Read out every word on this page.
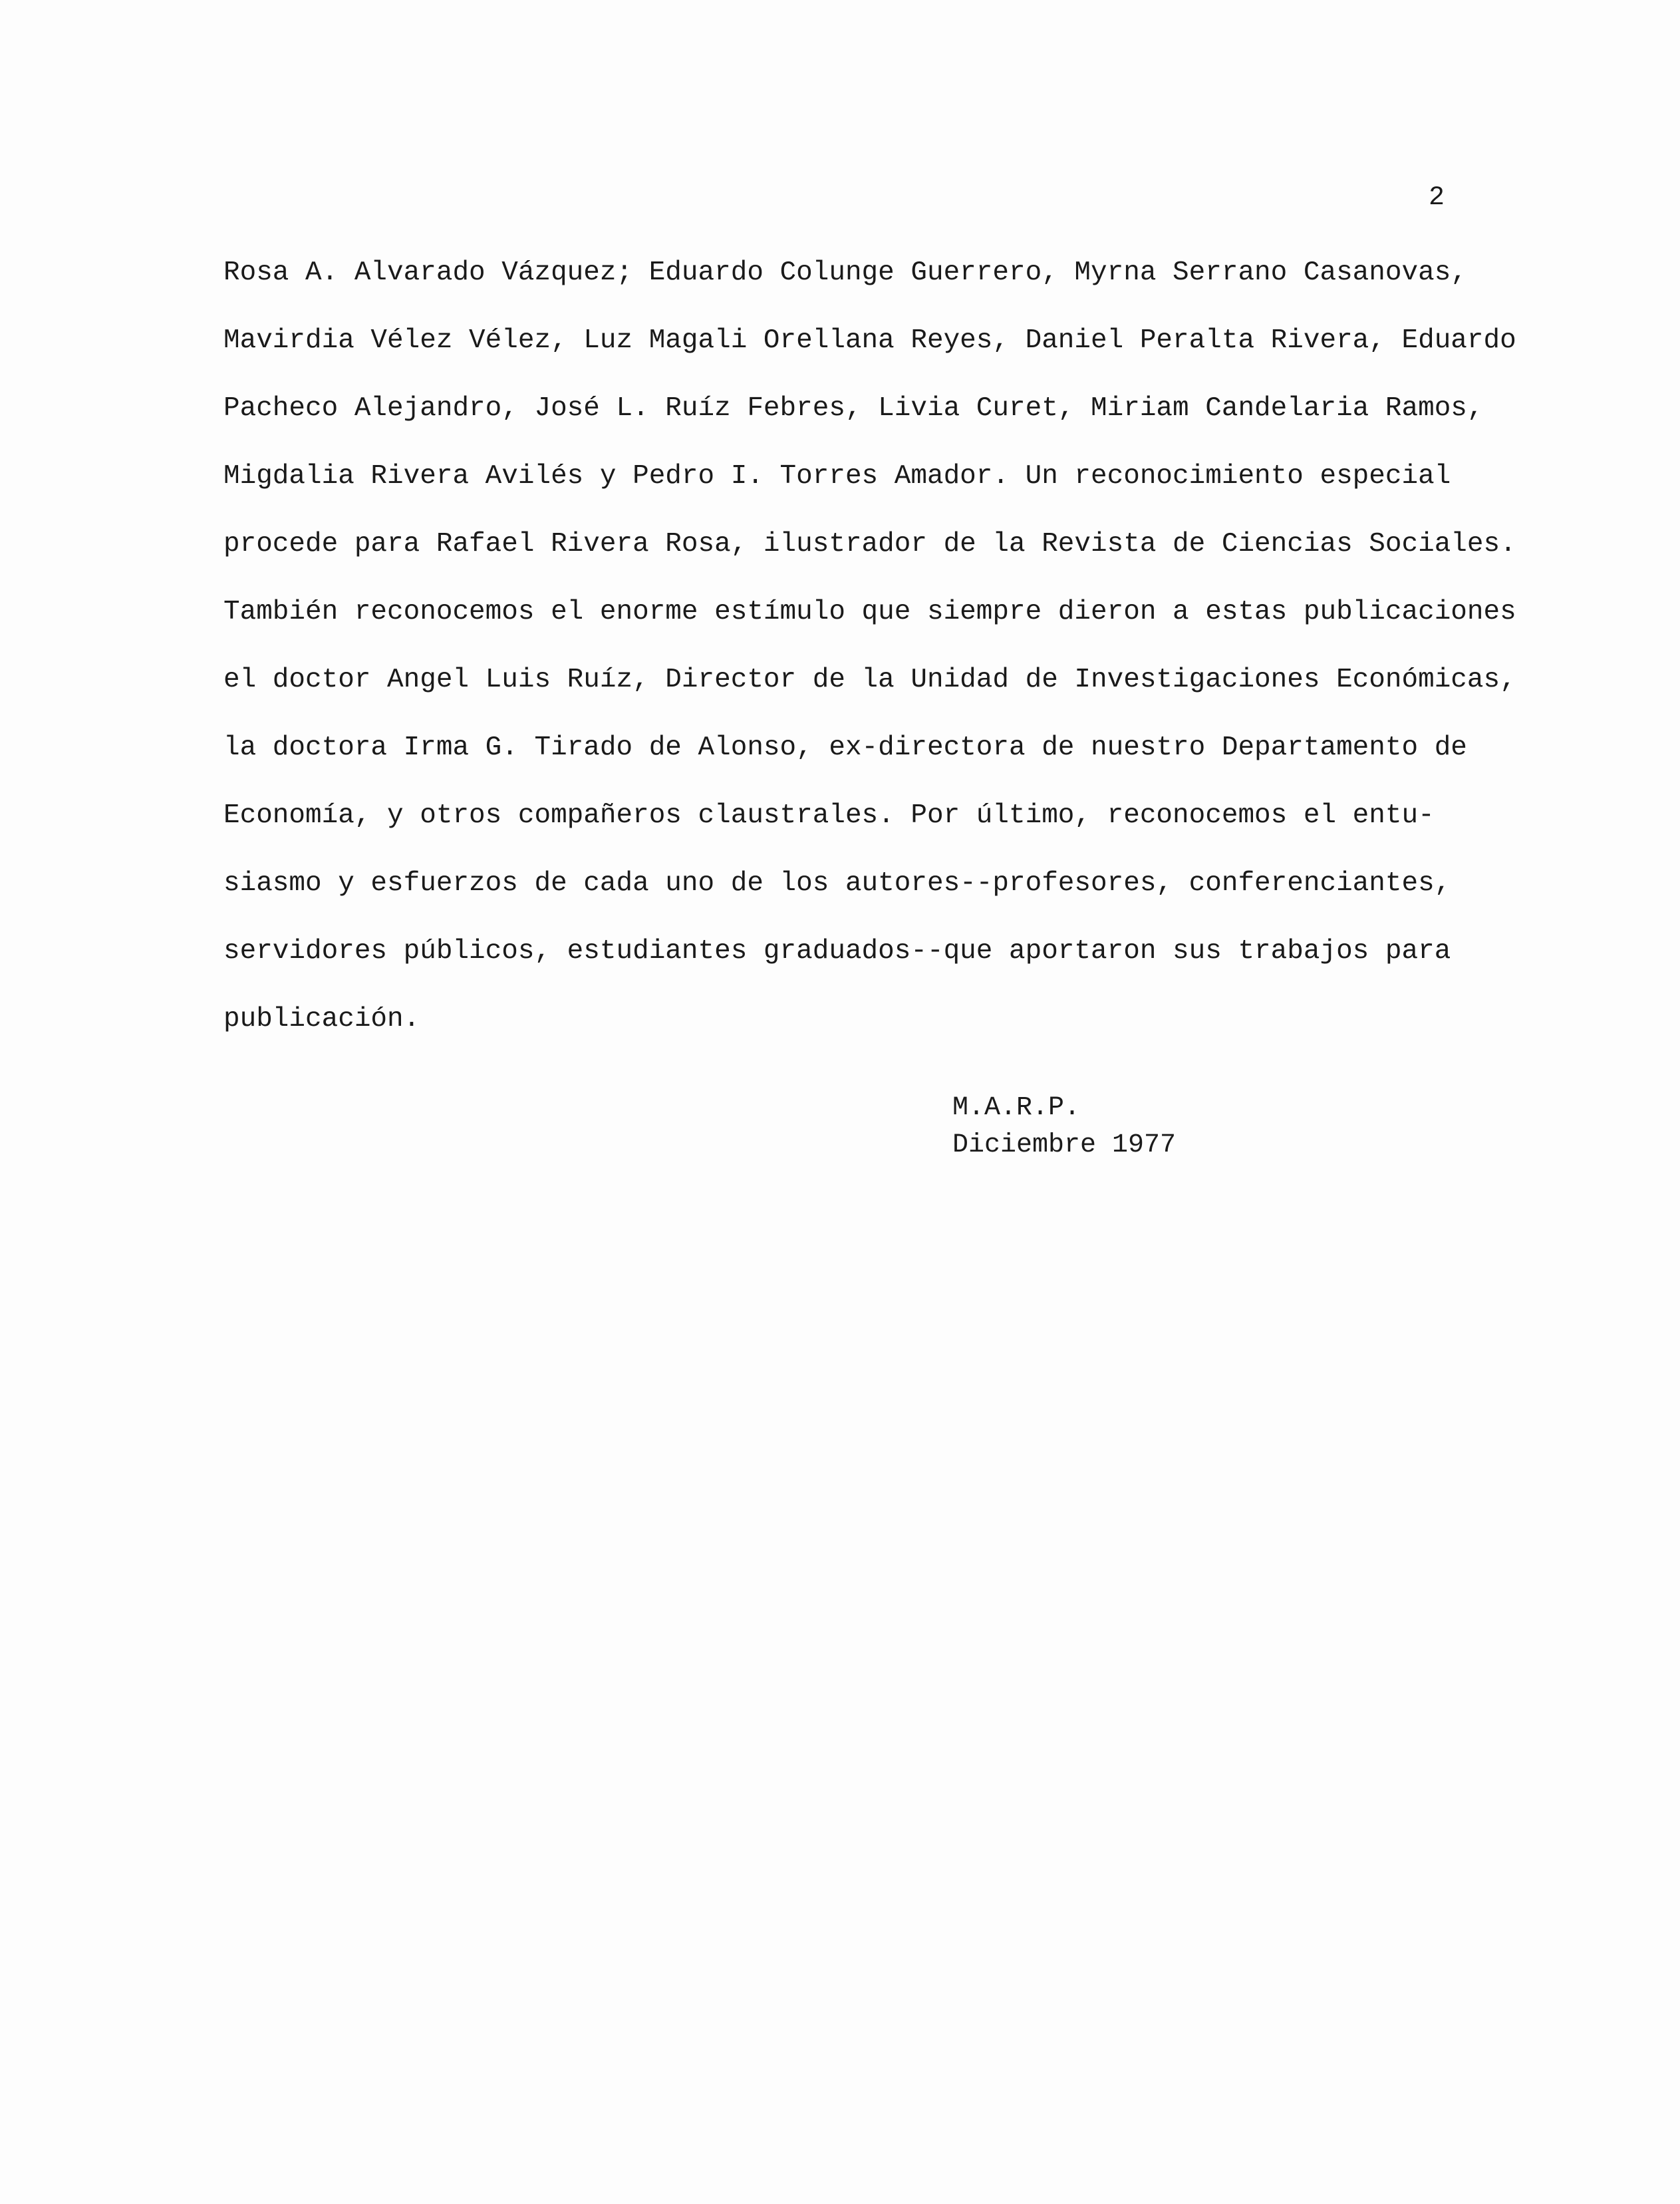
2

Rosa A. Alvarado Vázquez; Eduardo Colunge Guerrero, Myrna Serrano Casanovas,
Mavirdia Vélez Vélez, Luz Magali Orellana Reyes, Daniel Peralta Rivera, Eduardo
Pacheco Alejandro, José L. Ruíz Febres, Livia Curet, Miriam Candelaria Ramos,
Migdalia Rivera Avilés y Pedro I. Torres Amador. Un reconocimiento especial
procede para Rafael Rivera Rosa, ilustrador de la Revista de Ciencias Sociales.
También reconocemos el enorme estímulo que siempre dieron a estas publicaciones
el doctor Angel Luis Ruíz, Director de la Unidad de Investigaciones Económicas,
la doctora Irma G. Tirado de Alonso, ex-directora de nuestro Departamento de
Economía, y otros compañeros claustrales. Por último, reconocemos el entu-
siasmo y esfuerzos de cada uno de los autores--profesores, conferenciantes,
servidores públicos, estudiantes graduados--que aportaron sus trabajos para
publicación.
M.A.R.P.
Diciembre 1977
